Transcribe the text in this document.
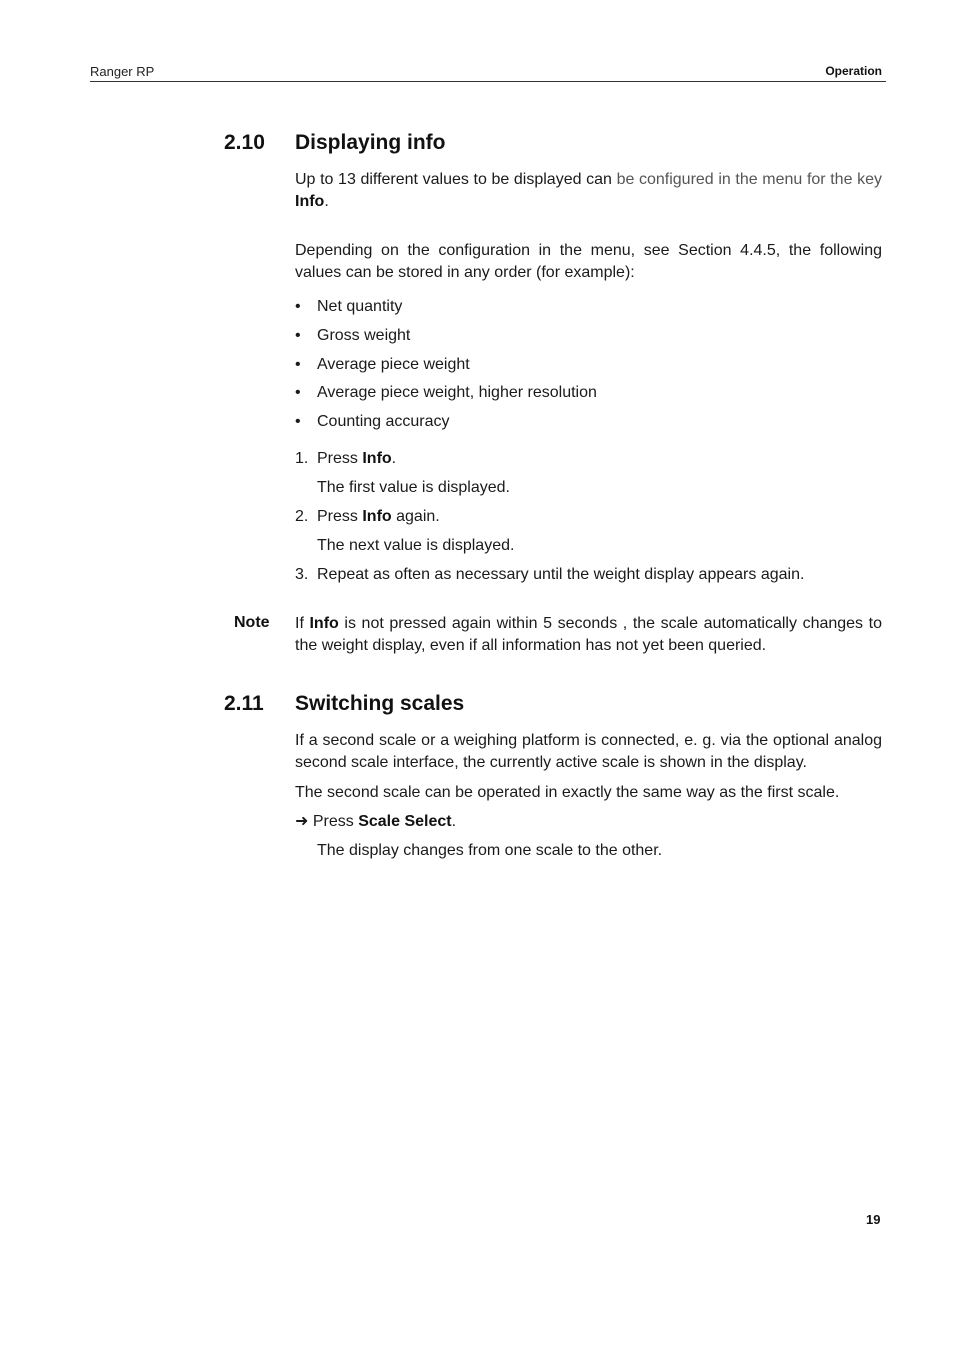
Ranger RP	Operation
2.10 Displaying info
Up to 13 different values to be displayed can be configured in the menu for the key Info.
Depending on the configuration in the menu, see Section 4.4.5, the following values can be stored in any order (for example):
• Net quantity
• Gross weight
• Average piece weight
• Average piece weight, higher resolution
• Counting accuracy
1. Press Info.
The first value is displayed.
2. Press Info again.
The next value is displayed.
3. Repeat as often as necessary until the weight display appears again.
Note If Info is not pressed again within 5 seconds , the scale automatically changes to the weight display, even if all information has not yet been queried.
2.11 Switching scales
If a second scale or a weighing platform is connected, e. g. via the optional analog second scale interface, the currently active scale is shown in the display.
The second scale can be operated in exactly the same way as the first scale.
➜ Press Scale Select.
The display changes from one scale to the other.
19
